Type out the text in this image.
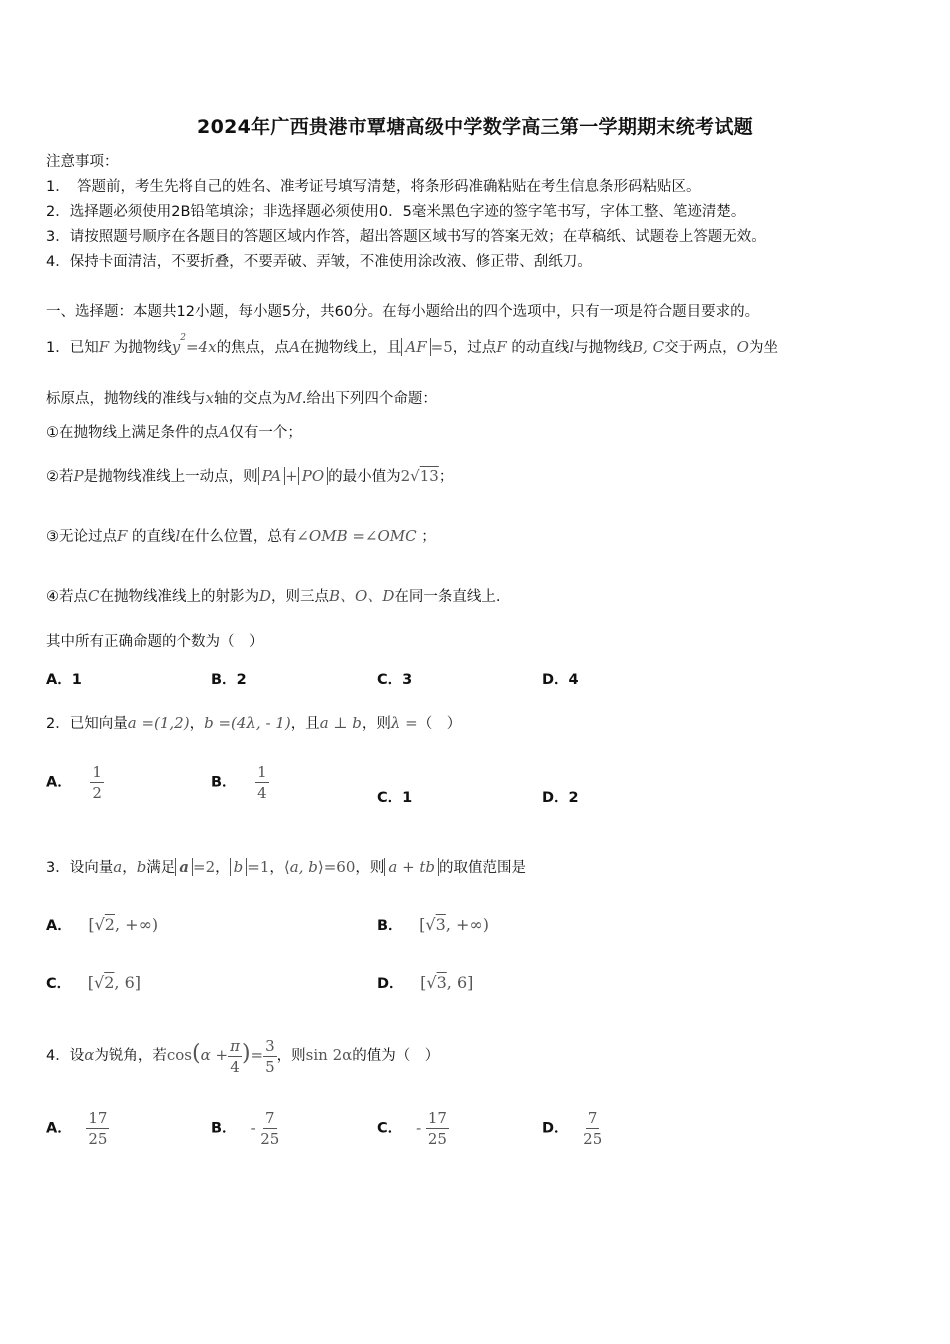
2024年广西贵港市覃塘高级中学数学高三第一学期期末统考试题
注意事项：
1．　答题前，考生先将自己的姓名、准考证号填写清楚，将条形码准确粘贴在考生信息条形码粘贴区。
2．选择题必须使用2B铅笔填涂；非选择题必须使用0．5毫米黑色字迹的签字笔书写，字体工整、笔迹清楚。
3．请按照题号顺序在各题目的答题区域内作答，超出答题区域书写的答案无效；在草稿纸、试题卷上答题无效。
4．保持卡面清洁，不要折叠，不要弄破、弄皱，不准使用涂改液、修正带、刮纸刀。
一、选择题：本题共12小题，每小题5分，共60分。在每小题给出的四个选项中，只有一项是符合题目要求的。
1．已知F 为抛物线$y^2=4x$的焦点，点A在抛物线上，且 AF =5，过点F 的动直线l与抛物线B, C交于两点，O为坐
标原点，抛物线的准线与x轴的交点为M.给出下列四个命题：
①在抛物线上满足条件的点A仅有一个；
②若P是抛物线准线上一动点，则 PA + PO 的最小值为2√13；
③无论过点F 的直线l在什么位置，总有∠OMB =∠OMC ；
④若点C在抛物线准线上的射影为D，则三点B、O、D在同一条直线上.
其中所有正确命题的个数为（　）
A．1	B．2	C．3	D．4
2．已知向量a =(1,2)，b =(4λ, - 1)，且a ⊥ b，则λ =（　）
A． $\frac{1}{2}$	B． $\frac{1}{4}$	C．1	D．2
3．设向量a，b满足 a =2， b =1，⟨a, b⟩=60，则 a + tb 的取值范围是
A． [√2, +∞)	B． [√3, +∞)
C． [√2, 6]	D． [√3, 6]
4．设α为锐角，若$\cos(\alpha + \frac{\pi}{4}$ )= $\frac{3}{5}$ ，则sin 2α的值为（　）
A． $\frac{17}{25}$	B． - $\frac{7}{25}$	C． - $\frac{17}{25}$	D． $\frac{7}{25}$
